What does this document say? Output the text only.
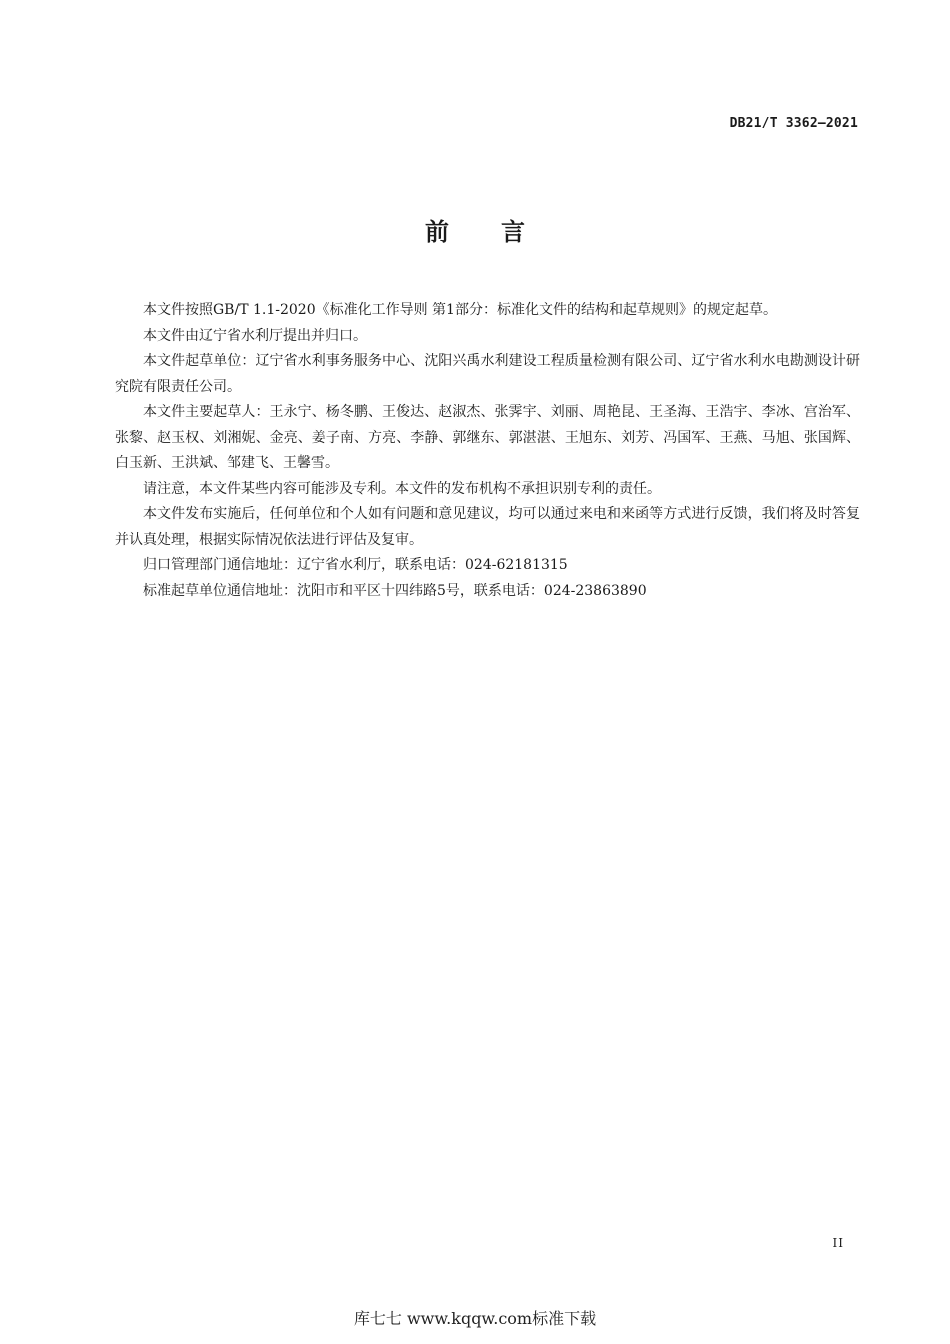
DB21/T 3362—2021
前言

本文件按照GB/T 1.1-2020《标准化工作导则 第1部分：标准化文件的结构和起草规则》的规定起草。

本文件由辽宁省水利厅提出并归口。

本文件起草单位：辽宁省水利事务服务中心、沈阳兴禹水利建设工程质量检测有限公司、辽宁省水利水电勘测设计研究院有限责任公司。

本文件主要起草人：王永宁、杨冬鹏、王俊达、赵淑杰、张霁宇、刘丽、周艳昆、王圣海、王浩宇、李冰、宫治军、张黎、赵玉权、刘湘妮、金亮、姜子南、方亮、李静、郭继东、郭湛湛、王旭东、刘芳、冯国军、王燕、马旭、张国辉、白玉新、王洪斌、邹建飞、王馨雪。

请注意，本文件某些内容可能涉及专利。本文件的发布机构不承担识别专利的责任。

本文件发布实施后，任何单位和个人如有问题和意见建议，均可以通过来电和来函等方式进行反馈，我们将及时答复并认真处理，根据实际情况依法进行评估及复审。

归口管理部门通信地址：辽宁省水利厅，联系电话：024-62181315

标准起草单位通信地址：沈阳市和平区十四纬路5号，联系电话：024-23863890

II
库七七 www.kqqw.com标准下载
